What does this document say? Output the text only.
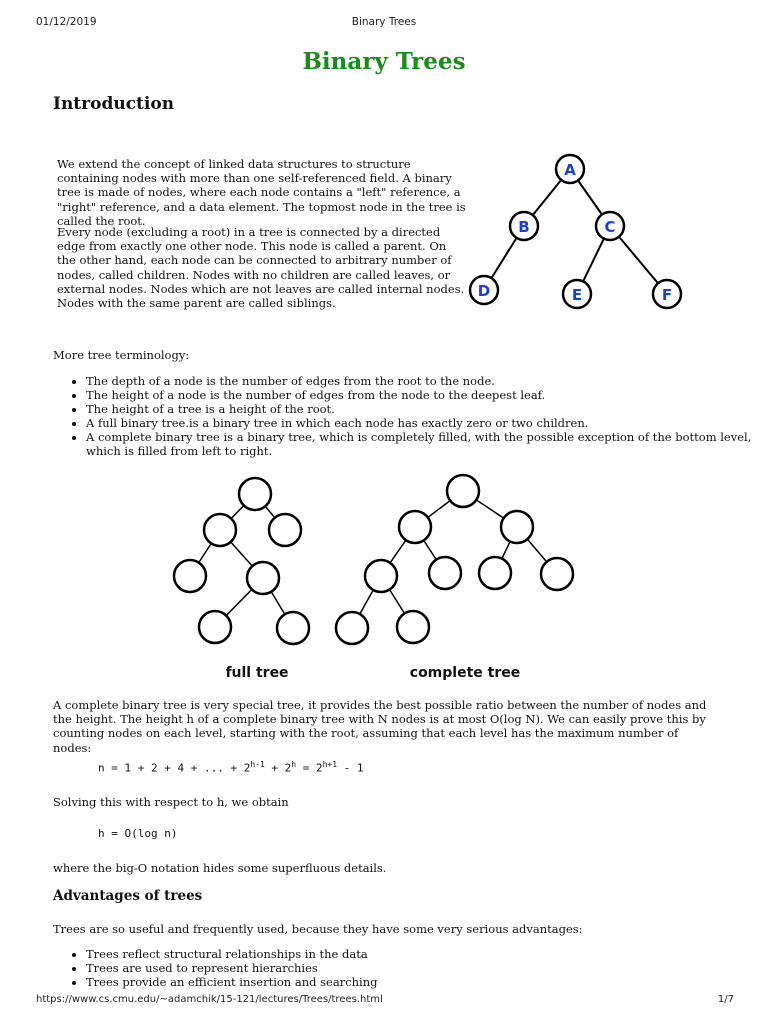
01/12/2019	Binary Trees
Binary Trees
Introduction

We extend the concept of linked data structures to structure containing nodes with more than one self-referenced field. A binary tree is made of nodes, where each node contains a "left" reference, a "right" reference, and a data element. The topmost node in the tree is called the root.

Every node (excluding a root) in a tree is connected by a directed edge from exactly one other node. This node is called a parent. On the other hand, each node can be connected to arbitrary number of nodes, called children. Nodes with no children are called leaves, or external nodes. Nodes which are not leaves are called internal nodes. Nodes with the same parent are called siblings.

A
B	C
D	E	F

More tree terminology:

• The depth of a node is the number of edges from the root to the node.
• The height of a node is the number of edges from the node to the deepest leaf.
• The height of a tree is a height of the root.
• A full binary tree.is a binary tree in which each node has exactly zero or two children.
• A complete binary tree is a binary tree, which is completely filled, with the possible exception of the bottom level, which is filled from left to right.
full tree	complete tree

A complete binary tree is very special tree, it provides the best possible ratio between the number of nodes and the height. The height h of a complete binary tree with N nodes is at most O(log N). We can easily prove this by counting nodes on each level, starting with the root, assuming that each level has the maximum number of nodes:

n = 1 + 2 + 4 + ... + $2^{h-1} + 2^h = 2^{h+1} - 1$

Solving this with respect to h, we obtain

h = O(log n)

where the big-O notation hides some superfluous details.

Advantages of trees

Trees are so useful and frequently used, because they have some very serious advantages:

• Trees reflect structural relationships in the data
• Trees are used to represent hierarchies
• Trees provide an efficient insertion and searching
https://www.cs.cmu.edu/~adamchik/15-121/lectures/Trees/trees.html	1/7
